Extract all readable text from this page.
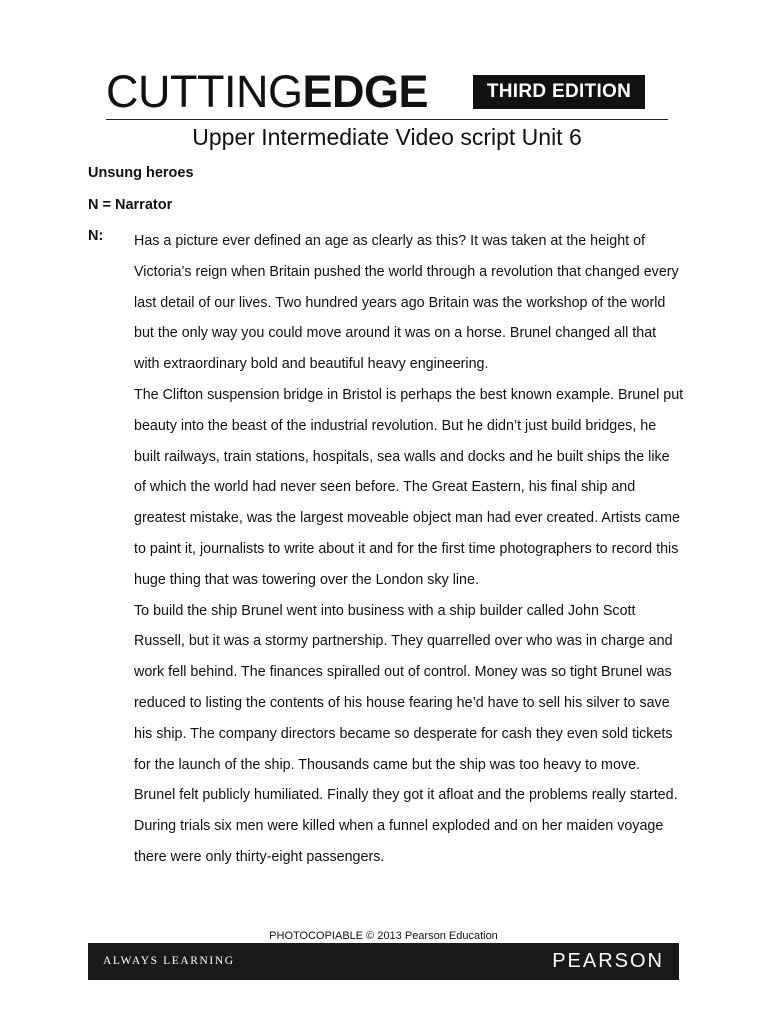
CUTTING EDGE	THIRD EDITION
Upper Intermediate Video script Unit 6
Unsung heroes
N = Narrator
N: Has a picture ever defined an age as clearly as this? It was taken at the height of
Victoria’s reign when Britain pushed the world through a revolution that changed every
last detail of our lives. Two hundred years ago Britain was the workshop of the world
but the only way you could move around it was on a horse. Brunel changed all that
with extraordinary bold and beautiful heavy engineering.
The Clifton suspension bridge in Bristol is perhaps the best known example. Brunel put
beauty into the beast of the industrial revolution. But he didn’t just build bridges, he
built railways, train stations, hospitals, sea walls and docks and he built ships the like
of which the world had never seen before. The Great Eastern, his final ship and
greatest mistake, was the largest moveable object man had ever created. Artists came
to paint it, journalists to write about it and for the first time photographers to record this
huge thing that was towering over the London sky line.
To build the ship Brunel went into business with a ship builder called John Scott
Russell, but it was a stormy partnership. They quarrelled over who was in charge and
work fell behind. The finances spiralled out of control. Money was so tight Brunel was
reduced to listing the contents of his house fearing he’d have to sell his silver to save
his ship. The company directors became so desperate for cash they even sold tickets
for the launch of the ship. Thousands came but the ship was too heavy to move.
Brunel felt publicly humiliated. Finally they got it afloat and the problems really started.
During trials six men were killed when a funnel exploded and on her maiden voyage
there were only thirty-eight passengers.
PHOTOCOPIABLE © 2013 Pearson Education
ALWAYS LEARNING	PEARSON
